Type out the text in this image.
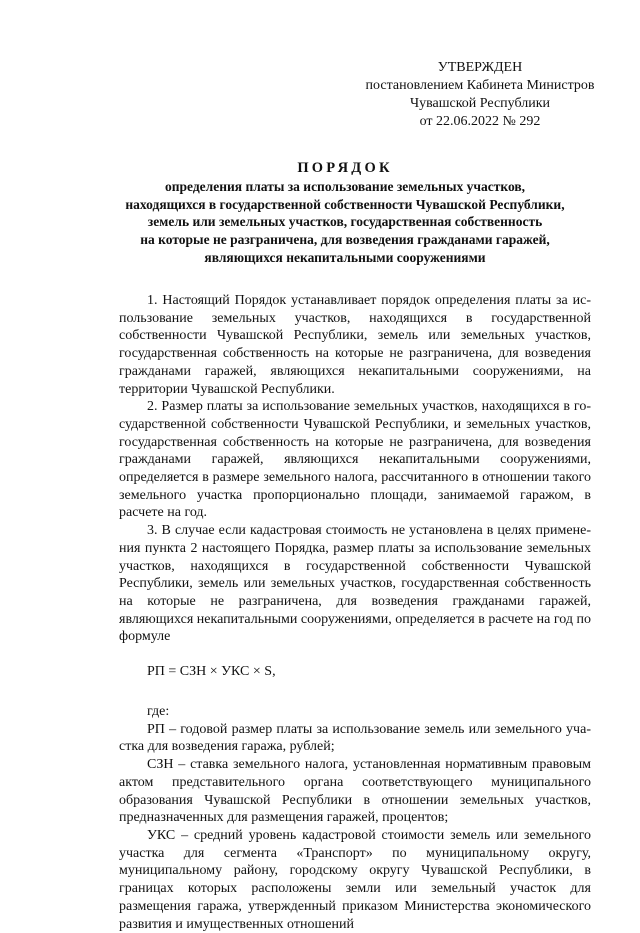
УТВЕРЖДЕН
постановлением Кабинета Министров
Чувашской Республики
от 22.06.2022 № 292
ПОРЯДОК
определения платы за использование земельных участков,
находящихся в государственной собственности Чувашской Республики,
земель или земельных участков, государственная собственность
на которые не разграничена, для возведения гражданами гаражей,
являющихся некапитальными сооружениями

1. Настоящий Порядок устанавливает порядок определения платы за использование земельных участков, находящихся в государственной собственности Чувашской Республики, земель или земельных участков, государственная собственность на которые не разграничена, для возведения гражданами гаражей, являющихся некапитальными сооружениями, на территории Чувашской Республики.

2. Размер платы за использование земельных участков, находящихся в государственной собственности Чувашской Республики, и земельных участков, государственная собственность на которые не разграничена, для возведения гражданами гаражей, являющихся некапитальными сооружениями, определяется в размере земельного налога, рассчитанного в отношении такого земельного участка пропорционально площади, занимаемой гаражом, в расчете на год.

3. В случае если кадастровая стоимость не установлена в целях применения пункта 2 настоящего Порядка, размер платы за использование земельных участков, находящихся в государственной собственности Чувашской Республики, земель или земельных участков, государственная собственность на которые не разграничена, для возведения гражданами гаражей, являющихся некапитальными сооружениями, определяется в расчете на год по формуле

РП = СЗН × УКС × S,

где:

РП – годовой размер платы за использование земель или земельного участка для возведения гаража, рублей;

СЗН – ставка земельного налога, установленная нормативным правовым актом представительного органа соответствующего муниципального образования Чувашской Республики в отношении земельных участков, предназначенных для размещения гаражей, процентов;

УКС – средний уровень кадастровой стоимости земель или земельного участка для сегмента «Транспорт» по муниципальному округу, муниципальному району, городскому округу Чувашской Республики, в границах которых расположены земли или земельный участок для размещения гаража, утвержденный приказом Министерства экономического развития и имущественных отношений
